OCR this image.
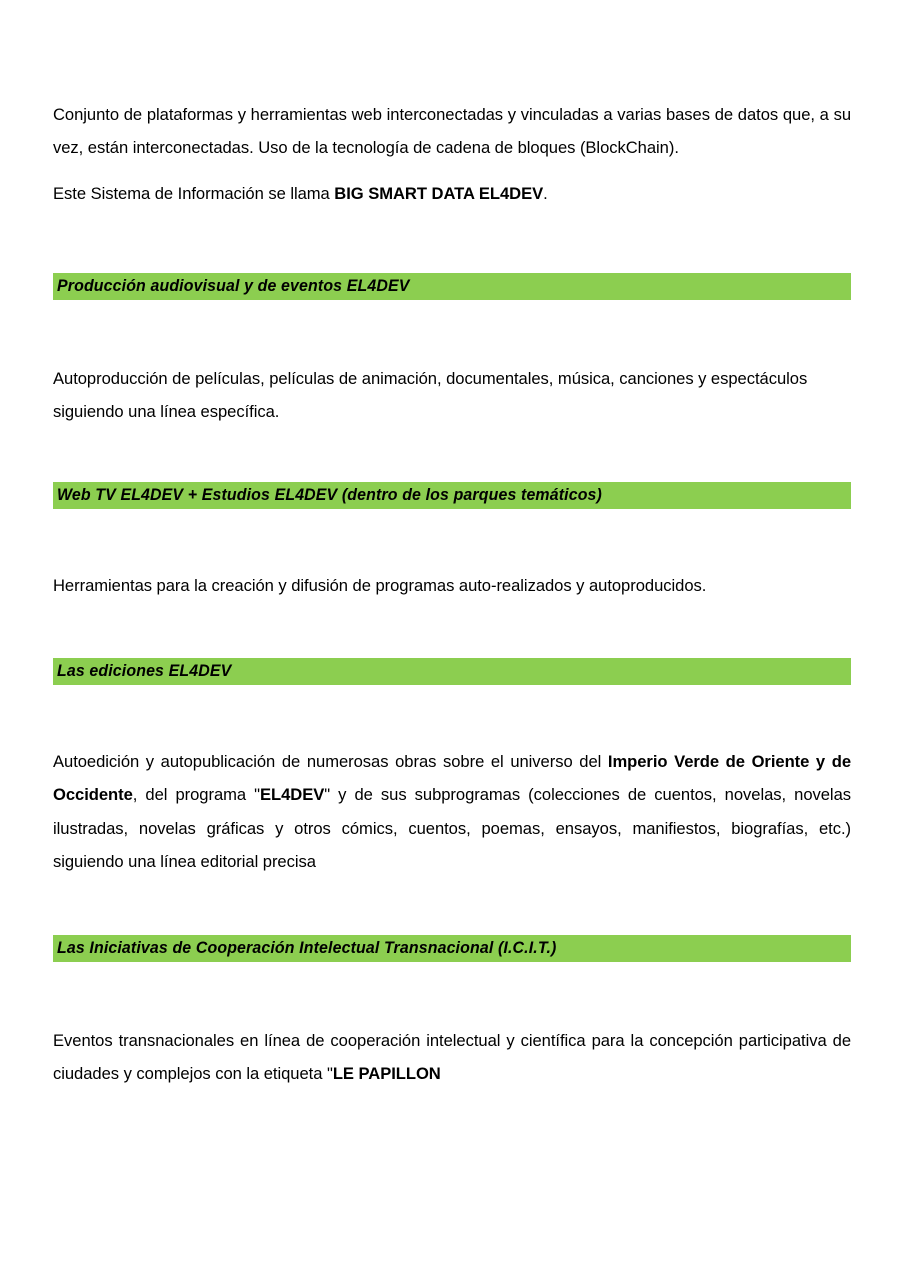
Conjunto de plataformas y herramientas web interconectadas y vinculadas a varias bases de datos que, a su vez, están interconectadas. Uso de la tecnología de cadena de bloques (BlockChain).

Este Sistema de Información se llama BIG SMART DATA EL4DEV.

Producción audiovisual y de eventos EL4DEV

Autoproducción de películas, películas de animación, documentales, música, canciones y espectáculos siguiendo una línea específica.

Web TV EL4DEV + Estudios EL4DEV (dentro de los parques temáticos)

Herramientas para la creación y difusión de programas auto-realizados y autoproducidos.

Las ediciones EL4DEV

Autoedición y autopublicación de numerosas obras sobre el universo del Imperio Verde de Oriente y de Occidente, del programa "EL4DEV" y de sus subprogramas (colecciones de cuentos, novelas, novelas ilustradas, novelas gráficas y otros cómics, cuentos, poemas, ensayos, manifiestos, biografías, etc.) siguiendo una línea editorial precisa

Las Iniciativas de Cooperación Intelectual Transnacional (I.C.I.T.)

Eventos transnacionales en línea de cooperación intelectual y científica para la concepción participativa de ciudades y complejos con la etiqueta "LE PAPILLON
